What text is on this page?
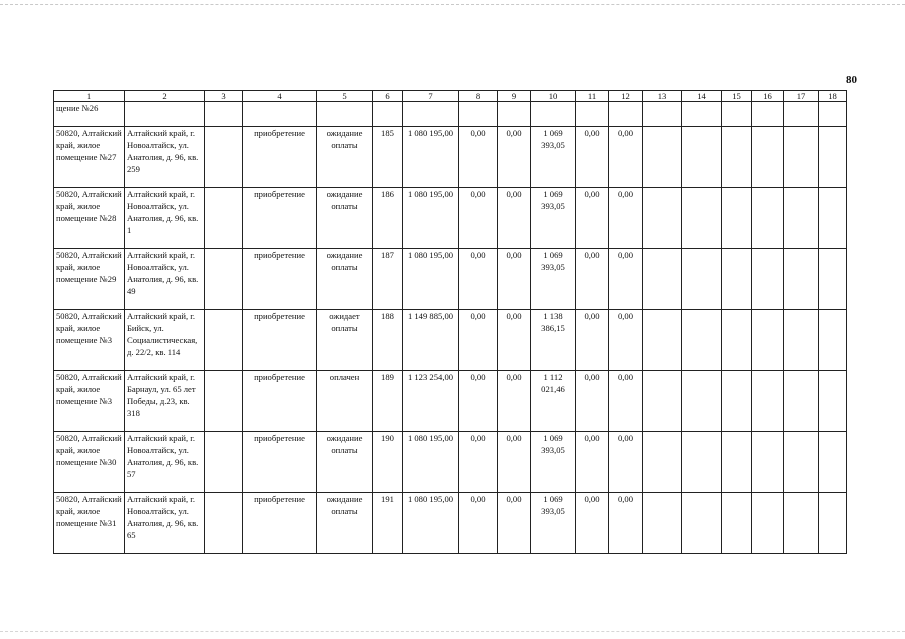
80
1	2	3	4	5	6	7	8	9	10	11	12	13	14	15	16	17	18
щение №26																	
50820, Алтайский край, жилое помещение №27	Алтайский край, г. Новоалтайск, ул. Анатолия, д. 96, кв. 259		приобретение	ожидание оплаты	185	1 080 195,00	0,00	0,00	1 069 393,05	0,00	0,00						
50820, Алтайский край, жилое помещение №28	Алтайский край, г. Новоалтайск, ул. Анатолия, д. 96, кв. 1		приобретение	ожидание оплаты	186	1 080 195,00	0,00	0,00	1 069 393,05	0,00	0,00						
50820, Алтайский край, жилое помещение №29	Алтайский край, г. Новоалтайск, ул. Анатолия, д. 96, кв. 49		приобретение	ожидание оплаты	187	1 080 195,00	0,00	0,00	1 069 393,05	0,00	0,00						
50820, Алтайский край, жилое помещение №3	Алтайский край, г. Бийск, ул. Социалистическая, д. 22/2, кв. 114		приобретение	ожидает оплаты	188	1 149 885,00	0,00	0,00	1 138 386,15	0,00	0,00						
50820, Алтайский край, жилое помещение №3	Алтайский край, г. Барнаул, ул. 65 лет Победы, д.23, кв. 318		приобретение	оплачен	189	1 123 254,00	0,00	0,00	1 112 021,46	0,00	0,00						
50820, Алтайский край, жилое помещение №30	Алтайский край, г. Новоалтайск, ул. Анатолия, д. 96, кв. 57		приобретение	ожидание оплаты	190	1 080 195,00	0,00	0,00	1 069 393,05	0,00	0,00						
50820, Алтайский край, жилое помещение №31	Алтайский край, г. Новоалтайск, ул. Анатолия, д. 96, кв. 65		приобретение	ожидание оплаты	191	1 080 195,00	0,00	0,00	1 069 393,05	0,00	0,00						
